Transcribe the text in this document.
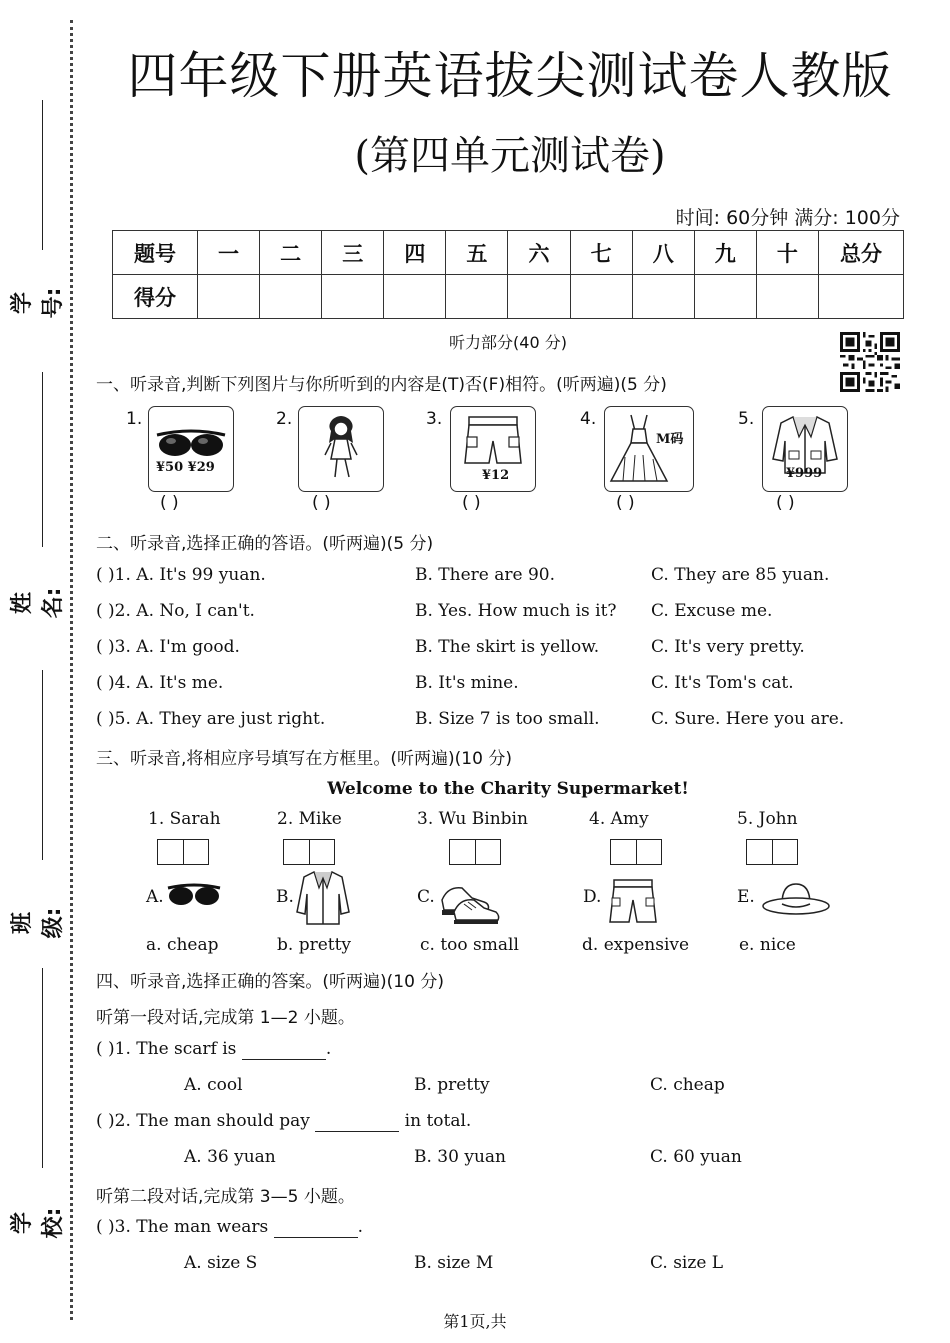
学号:
姓名:
班级:
学校:
四年级下册英语拔尖测试卷人教版
(第四单元测试卷)
时间: 60分钟 满分: 100分
题号	一	二	三	四	五	六	七	八	九	十	总分
得分											
听力部分(40 分)
一、听录音,判断下列图片与你所听到的内容是(T)否(F)相符。(听两遍)(5 分)
1.
¥50 ¥29
( )
2.
( )
3.
¥12
( )
4.
M码
( )
5.
¥999
( )
二、听录音,选择正确的答语。(听两遍)(5 分)
( )1. A. It's 99 yuan.	B. There are 90.	C. They are 85 yuan.
( )2. A. No, I can't.	B. Yes. How much is it? C. Excuse me.
( )3. A. I'm good.	B. The skirt is yellow.	C. It's very pretty.
( )4. A. It's me.	B. It's mine.	C. It's Tom's cat.
( )5. A. They are just right.	B. Size 7 is too small.	C. Sure. Here you are.
三、听录音,将相应序号填写在方框里。(听两遍)(10 分)
Welcome to the Charity Supermarket!
1. Sarah	2. Mike	3. Wu Binbin	4. Amy	5. John
A.	B.	C.	D.	E.
a. cheap	b. pretty	c. too small	d. expensive	e. nice
四、听录音,选择正确的答案。(听两遍)(10 分)
听第一段对话,完成第 1—2 小题。
( )1. The scarf is	.
A. cool	B. pretty	C. cheap
( )2. The man should pay	in total.
A. 36 yuan	B. 30 yuan	C. 60 yuan
听第二段对话,完成第 3—5 小题。
( )3. The man wears	.
A. size S	B. size M	C. size L
第1页,共
